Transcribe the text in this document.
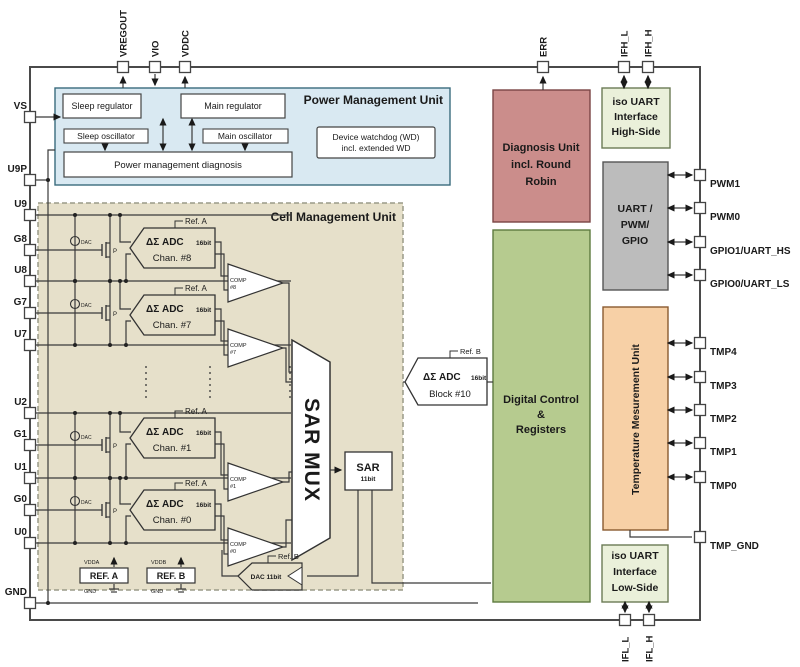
Power Management Unit
Cell Management Unit
Diagnosis Unit
incl. Round
Robin
Digital Control
&
Registers
iso UART
Interface
High-Side
UART /
PWM/
GPIO
Temperature Mesurement Unit
iso UART
Interface
Low-Side
DAC
P
DAC
P
DAC
P
DAC
P
Sleep regulator	Main regulator
Sleep oscillator	Main oscillator
Power management diagnosis
Device watchdog (WD)
incl. extended WD
Ref. A
ΔΣ ADC 16bit
Chan. #8
Ref. A
ΔΣ ADC 16bit
Chan. #7
Ref. A
ΔΣ ADC 16bit
Chan. #1
Ref. A
ΔΣ ADC 16bit
Chan. #0
COMP
#8
COMP
#7
COMP
#1
COMP
#0
SAR MUX	SAR
11bit
DAC 11bit
Ref. B
REF. A
VDDA
GND
REF. B
VDDB
GND
Ref. B
ΔΣ ADC 16bit
Block #10
VREGOUT VIO VDDC	ERR	IFH_L IFH_H
VS
U9P
U9
G8
U8
G7
U7
U2
G1
U1
G0
U0
GND
PWM1
PWM0
GPIO1/UART_HS
GPIO0/UART_LS
TMP4
TMP3
TMP2
TMP1
TMP0
TMP_GND
IFL_L IFL_H
